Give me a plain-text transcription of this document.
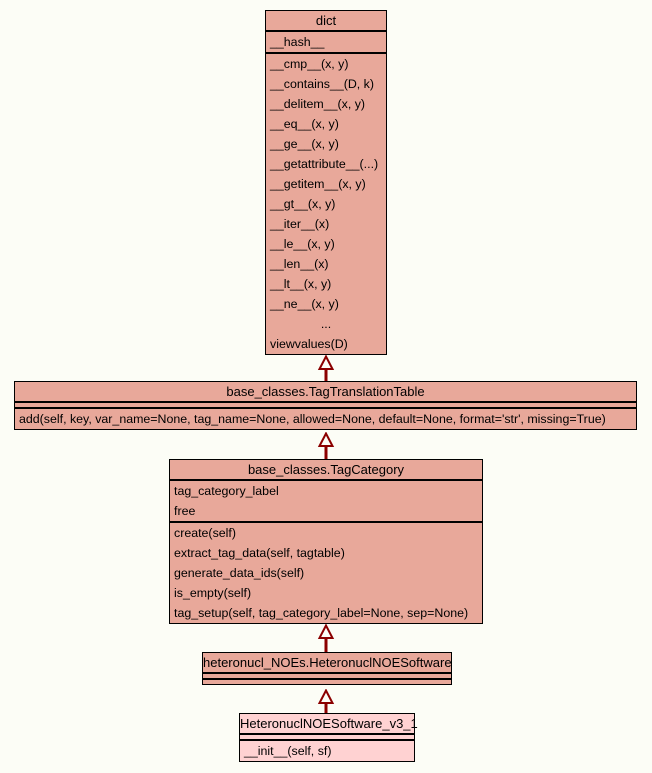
dict
__hash__
__cmp__(x, y)
__contains__(D, k)
__delitem__(x, y)
__eq__(x, y)
__ge__(x, y)
__getattribute__(...)
__getitem__(x, y)
__gt__(x, y)
__iter__(x)
__le__(x, y)
__len__(x)
__lt__(x, y)
__ne__(x, y)
...
viewvalues(D)
base_classes.TagTranslationTable
add(self, key, var_name=None, tag_name=None, allowed=None, default=None, format='str', missing=True)
base_classes.TagCategory
tag_category_label
free
create(self)
extract_tag_data(self, tagtable)
generate_data_ids(self)
is_empty(self)
tag_setup(self, tag_category_label=None, sep=None)
heteronucl_NOEs.HeteronuclNOESoftware
HeteronuclNOESoftware_v3_1
__init__(self, sf)
